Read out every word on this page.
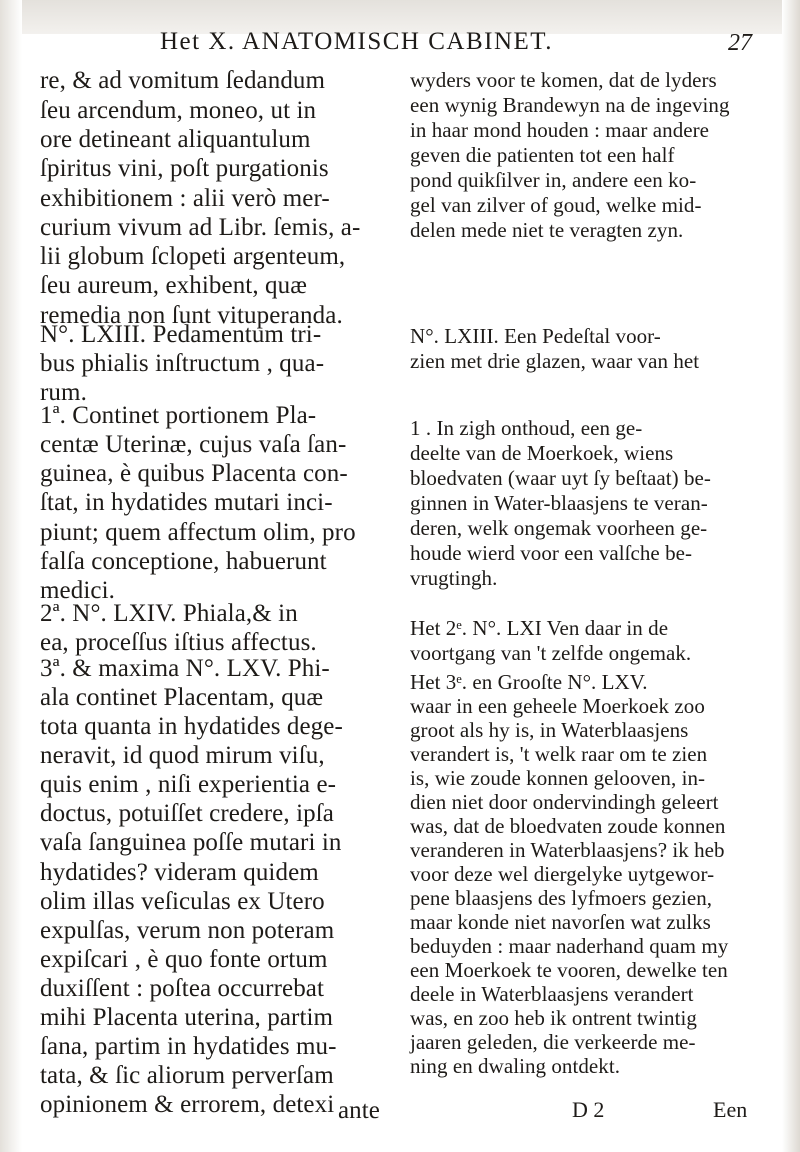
Het X. ANATOMISCH CABINET.	27
re, & ad vomitum ſedandum
ſeu arcendum, moneo, ut in
ore detineant aliquantulum
ſpiritus vini, poſt purgationis
exhibitionem : alii verò mer-
curium vivum ad Libr. ſemis, a-
lii globum ſclopeti argenteum,
ſeu aureum, exhibent, quæ
remedia non ſunt vituperanda.
N°. LXIII. Pedamentum tri-
bus phialis inſtructum , qua-
rum.
1ª. Continet portionem Pla-
centæ Uterinæ, cujus vaſa ſan-
guinea, è quibus Placenta con-
ſtat, in hydatides mutari inci-
piunt; quem affectum olim, pro
falſa conceptione, habuerunt
medici.
2ª. N°. LXIV. Phiala,& in
ea, proceſſus iſtius affectus.
3ª. & maxima N°. LXV. Phi-
ala continet Placentam, quæ
tota quanta in hydatides dege-
neravit, id quod mirum viſu,
quis enim , niſi experientia e-
doctus, potuiſſet credere, ipſa
vaſa ſanguinea poſſe mutari in
hydatides? videram quidem
olim illas veſiculas ex Utero
expulſas, verum non poteram
expiſcari , è quo fonte ortum
duxiſſent : poſtea occurrebat
mihi Placenta uterina, partim
ſana, partim in hydatides mu-
tata, & ſic aliorum perverſam
opinionem & errorem, detexi ante
wyders voor te komen, dat de lyders
een wynig Brandewyn na de ingeving
in haar mond houden : maar andere
geven die patienten tot een half
pond quikſilver in, andere een ko-
gel van zilver of goud, welke mid-
delen mede niet te veragten zyn.
N°. LXIII. Een Pedeſtal voor-
zien met drie glazen, waar van het
1 . In zigh onthoud, een ge-
deelte van de Moerkoek, wiens
bloedvaten (waar uyt ſy beſtaat) be-
ginnen in Water-blaasjens te veran-
deren, welk ongemak voorheen ge-
houde wierd voor een valſche be-
vrugtingh.
Het 2ᵉ. N°. LXI Ven daar in de
voortgang van 't zelfde ongemak.
Het 3ᵉ. en Grooſte N°. LXV.
waar in een geheele Moerkoek zoo
groot als hy is, in Waterblaasjens
verandert is, 't welk raar om te zien
is, wie zoude konnen gelooven, in-
dien niet door ondervindingh geleert
was, dat de bloedvaten zoude konnen
veranderen in Waterblaasjens? ik heb
voor deze wel diergelyke uytgewor-
pene blaasjens des lyfmoers gezien,
maar konde niet navorſen wat zulks
beduyden : maar naderhand quam my
een Moerkoek te vooren, dewelke ten
deele in Waterblaasjens verandert
was, en zoo heb ik ontrent twintig
jaaren geleden, die verkeerde me-
ning en dwaling ontdekt.
D 2	Een
